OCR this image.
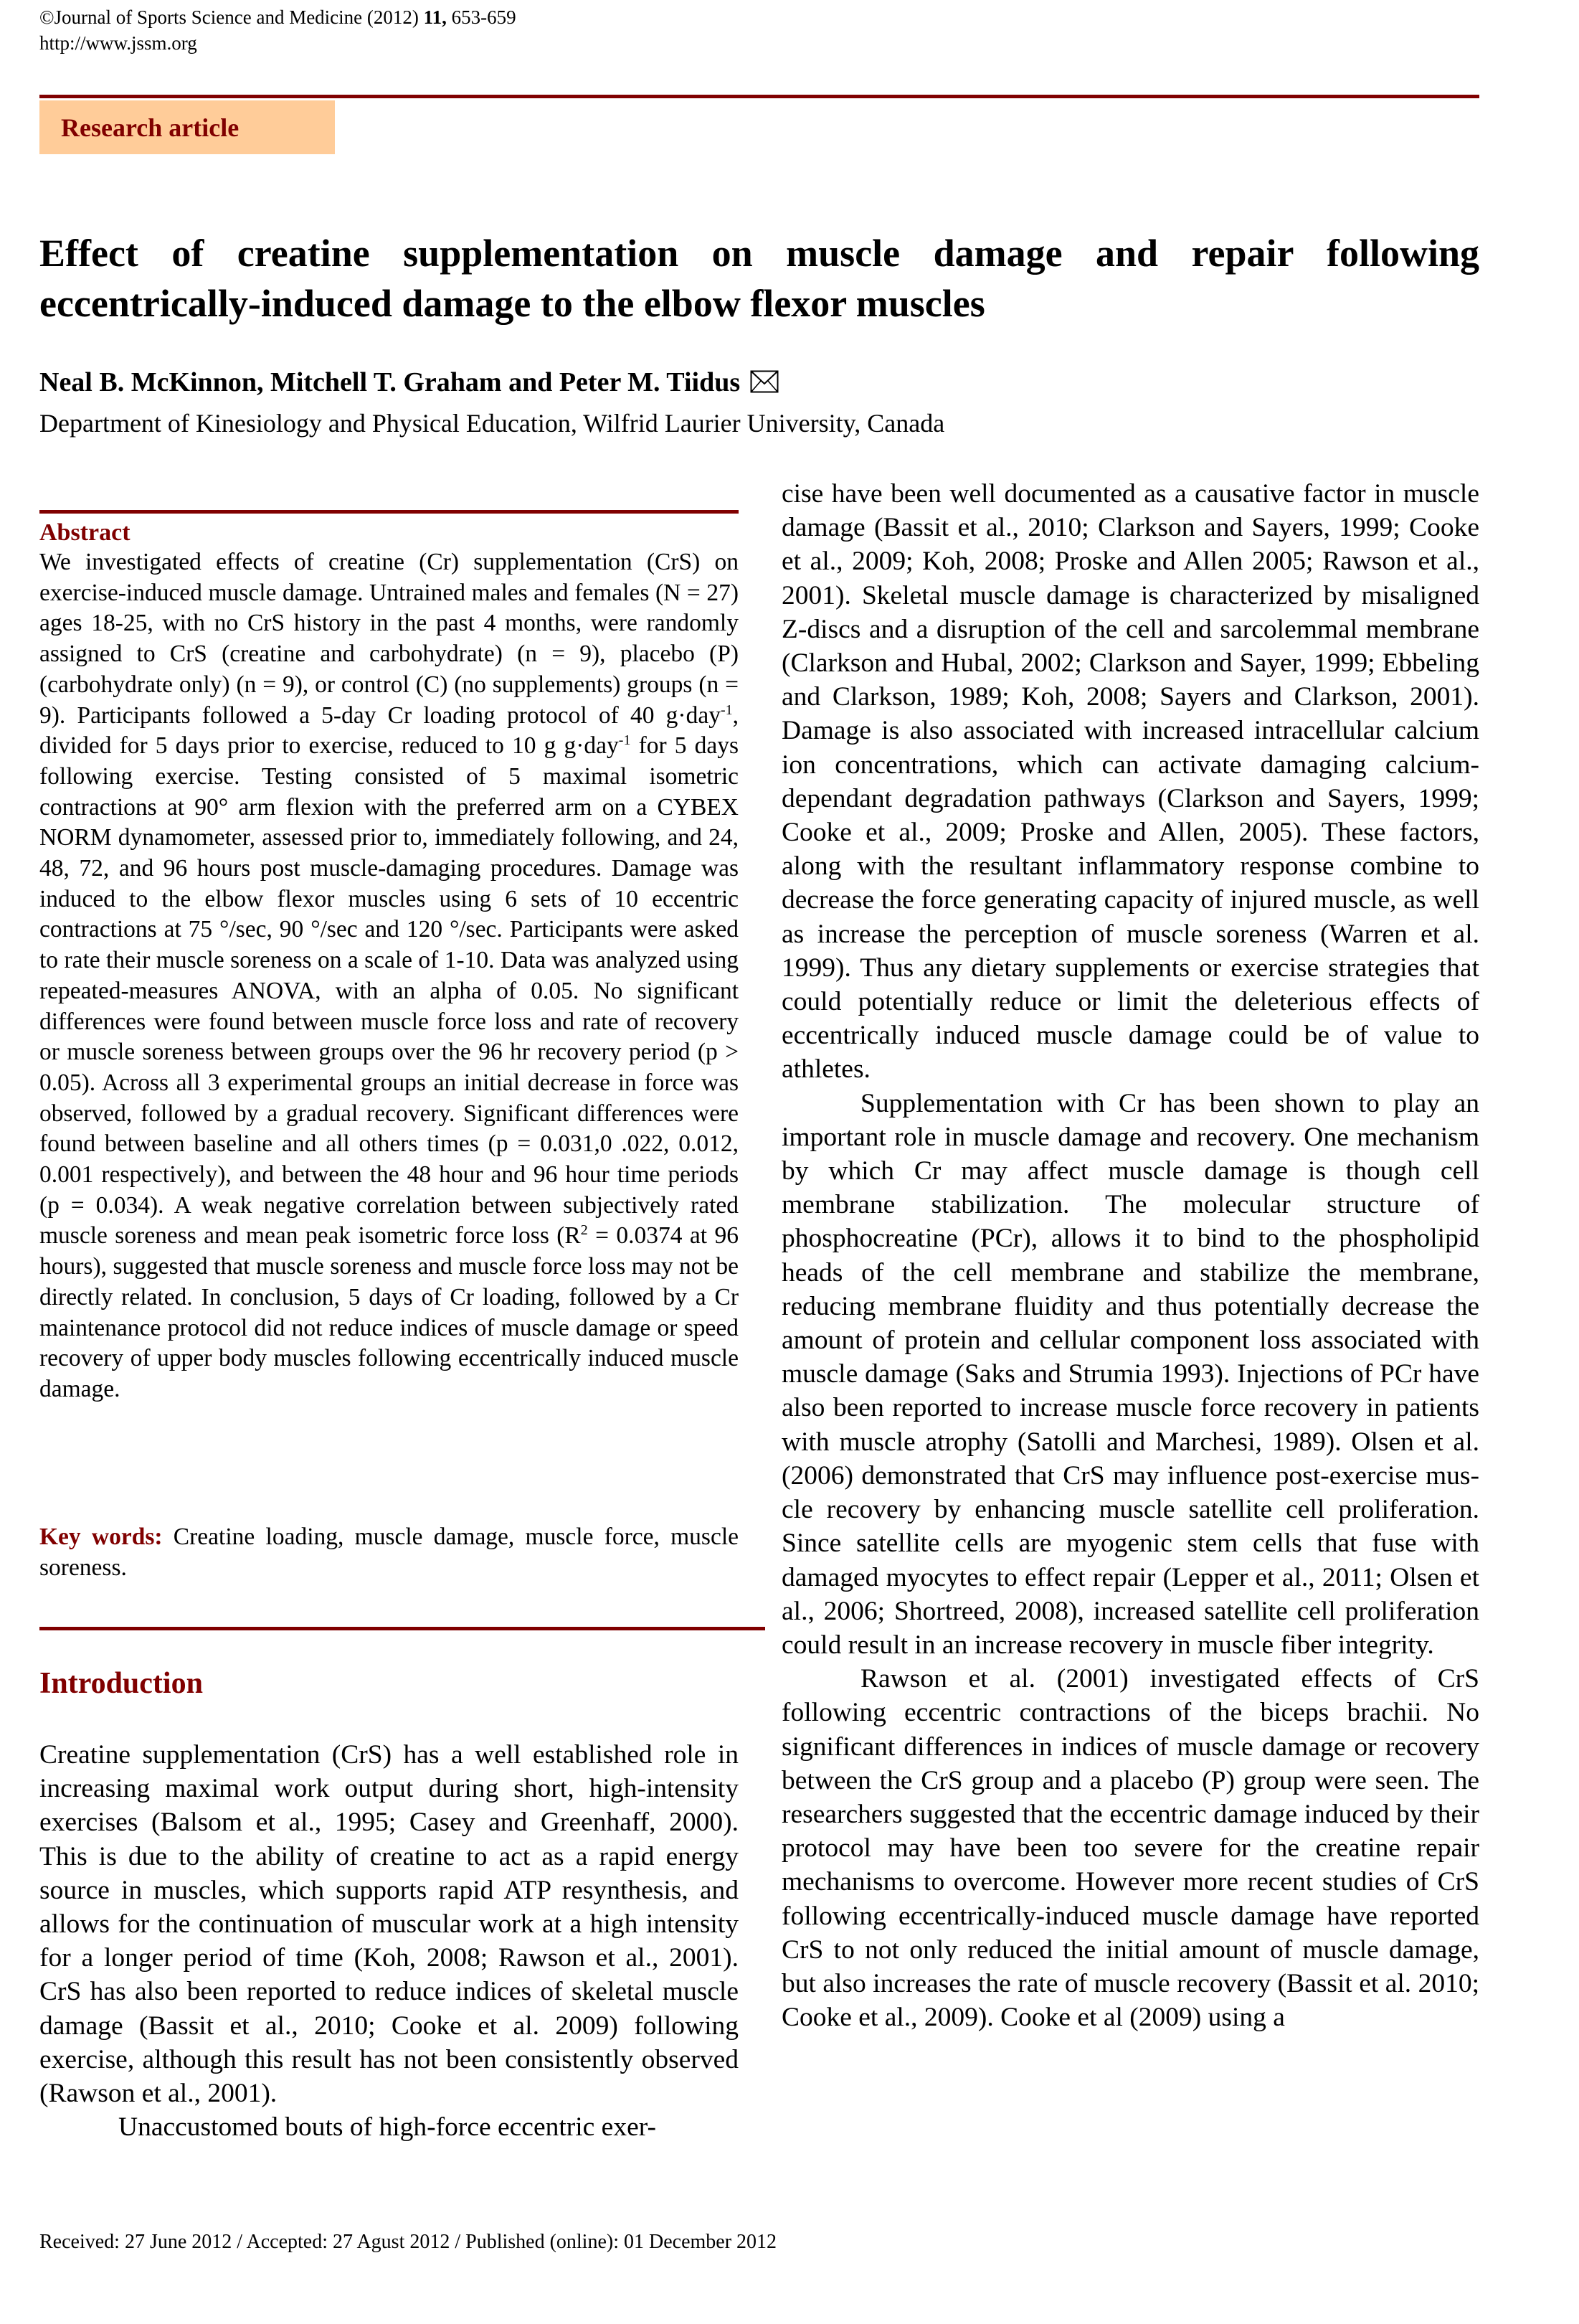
©Journal of Sports Science and Medicine (2012) 11, 653-659
http://www.jssm.org
Research article
Effect of creatine supplementation on muscle damage and repair following eccentrically-induced damage to the elbow flexor muscles
Neal B. McKinnon, Mitchell T. Graham and Peter M. Tiidus
Department of Kinesiology and Physical Education, Wilfrid Laurier University, Canada
Abstract
We investigated effects of creatine (Cr) supplementation (CrS) on exercise-induced muscle damage. Untrained males and females (N = 27) ages 18-25, with no CrS history in the past 4 months, were randomly assigned to CrS (creatine and carbohydrate) (n = 9), placebo (P) (carbohydrate only) (n = 9), or control (C) (no supplements) groups (n = 9). Participants followed a 5-day Cr loading protocol of 40 g·day$^{-1}$, divided for 5 days prior to exercise, reduced to 10 g g·day$^{-1}$ for 5 days following exercise. Testing consisted of 5 maximal isometric contractions at 90° arm flexion with the preferred arm on a CYBEX NORM dynamometer, assessed prior to, immediately following, and 24, 48, 72, and 96 hours post muscle-damaging procedures. Damage was induced to the elbow flexor muscles using 6 sets of 10 eccentric contractions at 75 °/sec, 90 °/sec and 120 °/sec. Participants were asked to rate their muscle soreness on a scale of 1-10. Data was analyzed using repeated-measures ANOVA, with an alpha of 0.05. No significant differences were found between muscle force loss and rate of recovery or muscle soreness between groups over the 96 hr recovery period (p > 0.05). Across all 3 experimental groups an initial decrease in force was observed, followed by a gradual recovery. Significant differences were found between baseline and all others times (p = 0.031,0 .022, 0.012, 0.001 respectively), and between the 48 hour and 96 hour time periods (p = 0.034). A weak negative correlation between subjectively rated muscle soreness and mean peak isometric force loss ($R^2 = 0.0374$ at 96 hours), suggested that muscle soreness and muscle force loss may not be directly related. In conclusion, 5 days of Cr loading, followed by a Cr maintenance protocol did not reduce indices of muscle damage or speed recovery of upper body muscles following eccentrically induced muscle damage.
Key words: Creatine loading, muscle damage, muscle force, muscle soreness.
Introduction

Creatine supplementation (CrS) has a well established role in increasing maximal work output during short, high-intensity exercises (Balsom et al., 1995; Casey and Greenhaff, 2000). This is due to the ability of creatine to act as a rapid energy source in muscles, which supports rapid ATP resynthesis, and allows for the continuation of muscular work at a high intensity for a longer period of time (Koh, 2008; Rawson et al., 2001). CrS has also been reported to reduce indices of skeletal muscle damage (Bassit et al., 2010; Cooke et al. 2009) following exercise, although this result has not been consistently observed (Rawson et al., 2001).

Unaccustomed bouts of high-force eccentric exer-

cise have been well documented as a causative factor in muscle damage (Bassit et al., 2010; Clarkson and Sayers, 1999; Cooke et al., 2009; Koh, 2008; Proske and Allen 2005; Rawson et al., 2001). Skeletal muscle damage is characterized by misaligned Z-discs and a disruption of the cell and sarcolemmal membrane (Clarkson and Hubal, 2002; Clarkson and Sayer, 1999; Ebbeling and Clarkson, 1989; Koh, 2008; Sayers and Clarkson, 2001). Damage is also associated with increased intracellular calcium ion concentrations, which can activate damaging calcium-dependant degradation pathways (Clarkson and Sayers, 1999; Cooke et al., 2009; Proske and Allen, 2005). These factors, along with the resultant inflammatory response combine to decrease the force generating capacity of injured muscle, as well as increase the perception of muscle soreness (Warren et al. 1999). Thus any dietary supplements or exercise strategies that could potentially reduce or limit the deleterious effects of eccentrically induced muscle damage could be of value to athletes.

Supplementation with Cr has been shown to play an important role in muscle damage and recovery. One mechanism by which Cr may affect muscle damage is though cell membrane stabilization. The molecular structure of phosphocreatine (PCr), allows it to bind to the phospholipid heads of the cell membrane and stabilize the membrane, reducing membrane fluidity and thus potentially decrease the amount of protein and cellular component loss associated with muscle damage (Saks and Strumia 1993). Injections of PCr have also been reported to increase muscle force recovery in patients with muscle atrophy (Satolli and Marchesi, 1989). Olsen et al. (2006) demonstrated that CrS may influence post-exercise muscle recovery by enhancing muscle satellite cell proliferation. Since satellite cells are myogenic stem cells that fuse with damaged myocytes to effect repair (Lepper et al., 2011; Olsen et al., 2006; Shortreed, 2008), increased satellite cell proliferation could result in an increase recovery in muscle fiber integrity.

Rawson et al. (2001) investigated effects of CrS following eccentric contractions of the biceps brachii. No significant differences in indices of muscle damage or recovery between the CrS group and a placebo (P) group were seen. The researchers suggested that the eccentric damage induced by their protocol may have been too severe for the creatine repair mechanisms to overcome. However more recent studies of CrS following eccentrically-induced muscle damage have reported CrS to not only reduced the initial amount of muscle damage, but also increases the rate of muscle recovery (Bassit et al. 2010; Cooke et al., 2009). Cooke et al (2009) using a

Received: 27 June 2012 / Accepted: 27 Agust 2012 / Published (online): 01 December 2012
